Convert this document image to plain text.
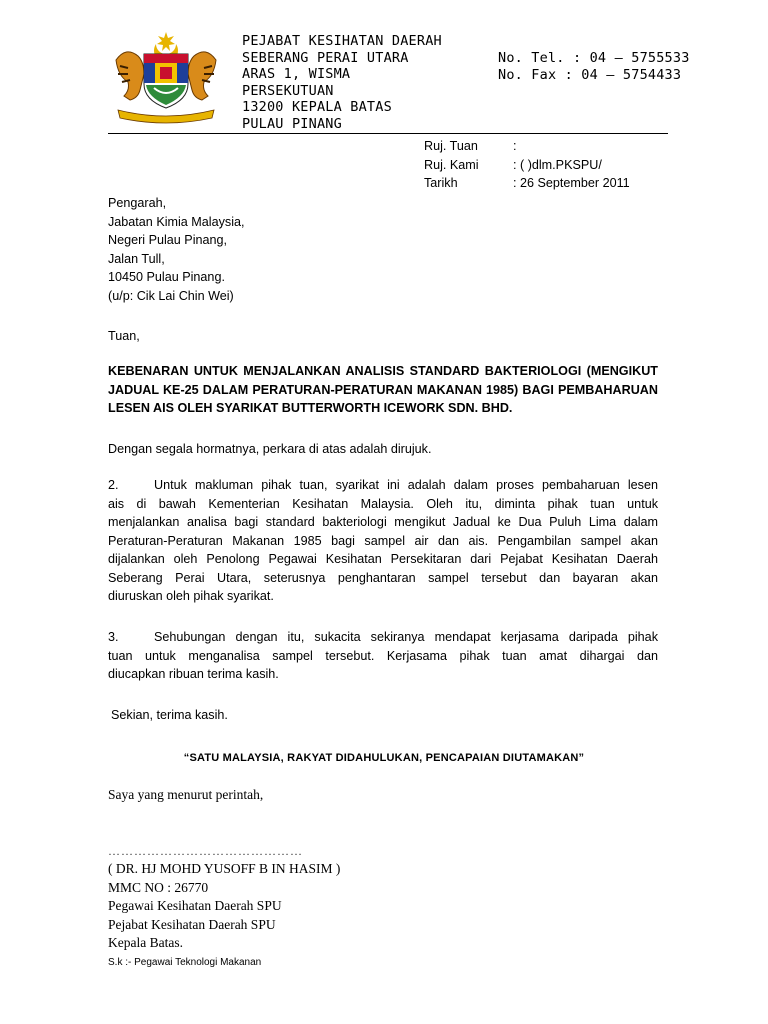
PEJABAT KESIHATAN DAERAH
SEBERANG PERAI UTARA
ARAS 1, WISMA
PERSEKUTUAN
13200 KEPALA BATAS
PULAU PINANG
No. Tel. : 04 – 5755533
No. Fax : 04 – 5754433
Ruj. Tuan	:
Ruj. Kami	: ( )dlm.PKSPU/
Tarikh	: 26 September 2011
Pengarah,
Jabatan Kimia Malaysia,
Negeri Pulau Pinang,
Jalan Tull,
10450 Pulau Pinang.
(u/p: Cik Lai Chin Wei)
Tuan,
KEBENARAN UNTUK MENJALANKAN ANALISIS STANDARD BAKTERIOLOGI (MENGIKUT
JADUAL KE-25 DALAM PERATURAN-PERATURAN MAKANAN 1985) BAGI PEMBAHARUAN
LESEN AIS OLEH SYARIKAT BUTTERWORTH ICEWORK SDN. BHD.
Dengan segala hormatnya, perkara di atas adalah dirujuk.
2.	Untuk makluman pihak tuan, syarikat ini adalah dalam proses pembaharuan lesen
ais di bawah Kementerian Kesihatan Malaysia. Oleh itu, diminta pihak tuan untuk
menjalankan analisa bagi standard bakteriologi mengikut Jadual ke Dua Puluh Lima dalam
Peraturan-Peraturan Makanan 1985 bagi sampel air dan ais. Pengambilan sampel akan
dijalankan oleh Penolong Pegawai Kesihatan Persekitaran dari Pejabat Kesihatan Daerah
Seberang Perai Utara, seterusnya penghantaran sampel tersebut dan bayaran akan
diuruskan oleh pihak syarikat.
3.	Sehubungan dengan itu, sukacita sekiranya mendapat kerjasama daripada pihak
tuan untuk menganalisa sampel tersebut. Kerjasama pihak tuan amat dihargai dan
diucapkan ribuan terima kasih.
Sekian, terima kasih.
“SATU MALAYSIA, RAKYAT DIDAHULUKAN, PENCAPAIAN DIUTAMAKAN”
Saya yang menurut perintah,
………………………………………
( DR. HJ MOHD YUSOFF B IN HASIM )
MMC NO : 26770
Pegawai Kesihatan Daerah SPU
Pejabat Kesihatan Daerah SPU
Kepala Batas.
S.k :- Pegawai Teknologi Makanan
